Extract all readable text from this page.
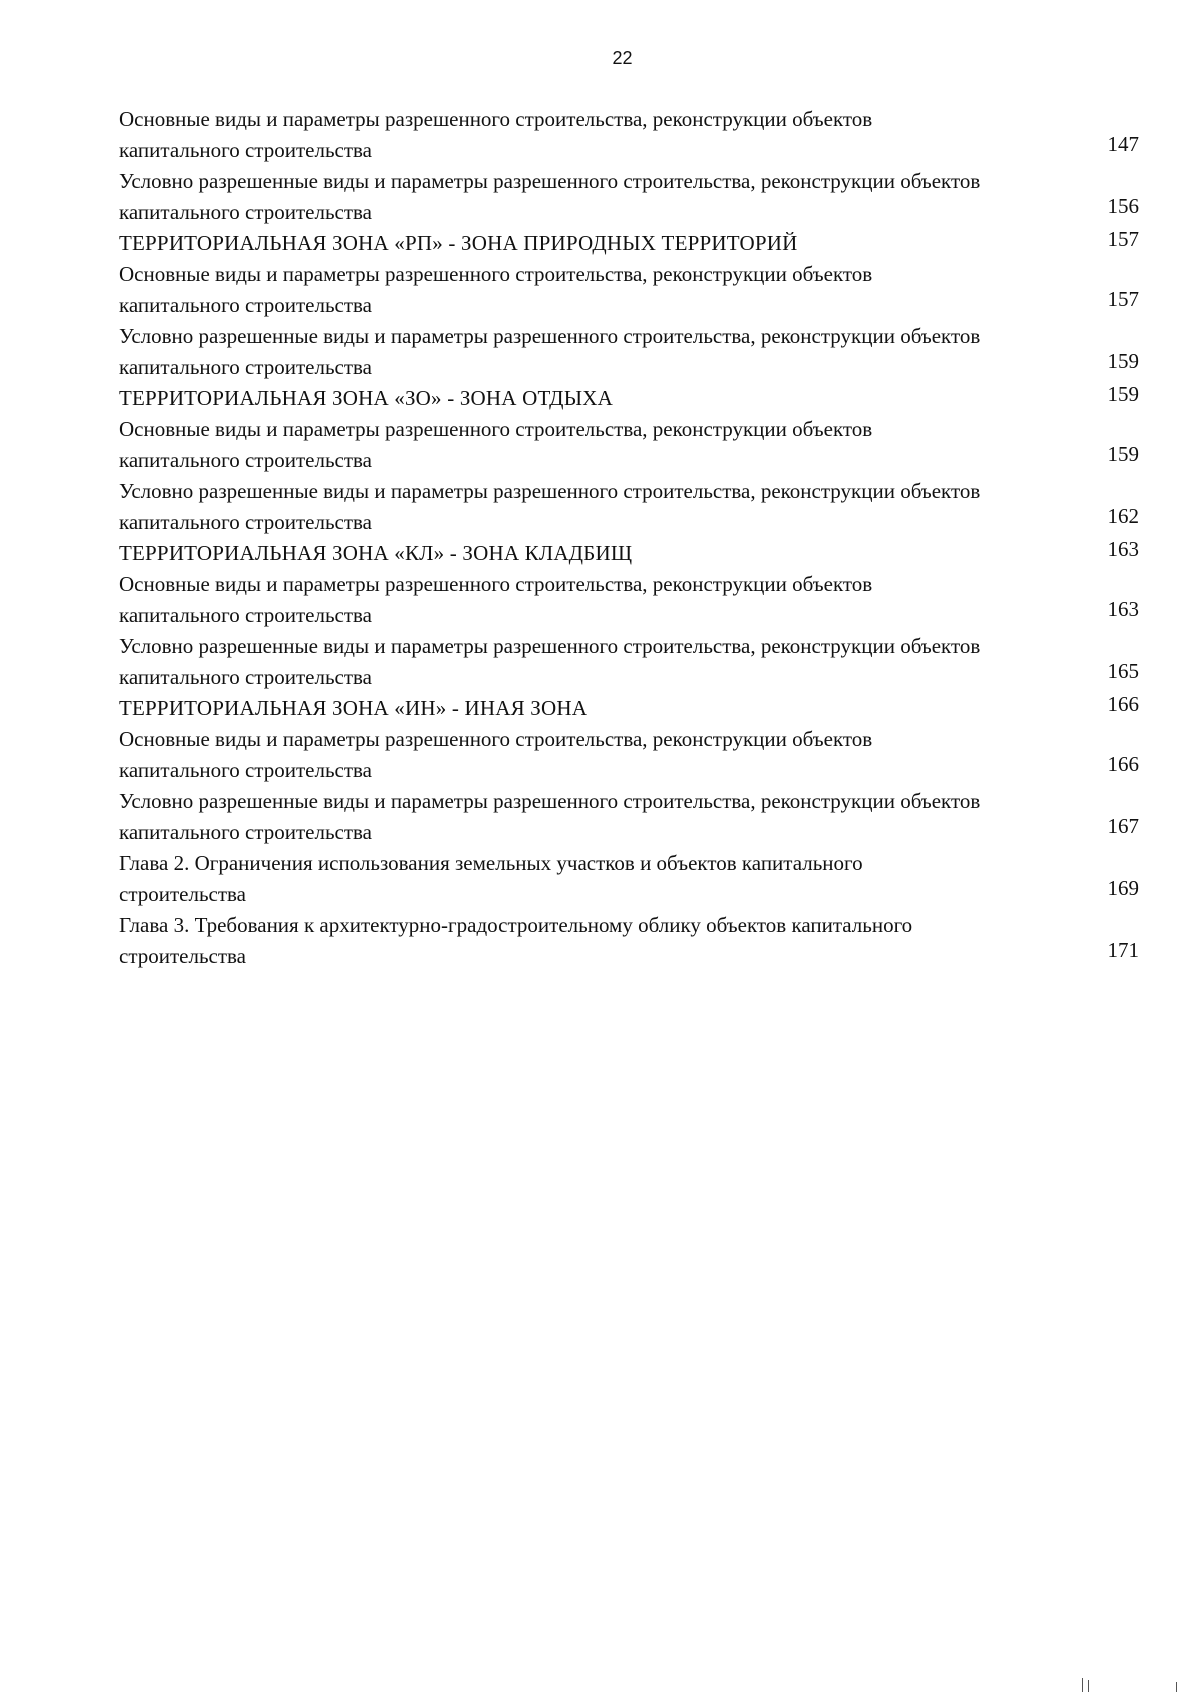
22
Основные виды и параметры разрешенного строительства, реконструкции объектов
капитального строительства	147
Условно разрешенные виды и параметры разрешенного строительства, реконструкции объектов
капитального строительства	156
ТЕРРИТОРИАЛЬНАЯ ЗОНА «РП» - ЗОНА ПРИРОДНЫХ ТЕРРИТОРИЙ	157
Основные виды и параметры разрешенного строительства, реконструкции объектов
капитального строительства	157
Условно разрешенные виды и параметры разрешенного строительства, реконструкции объектов
капитального строительства	159
ТЕРРИТОРИАЛЬНАЯ ЗОНА «ЗО» - ЗОНА ОТДЫХА	159
Основные виды и параметры разрешенного строительства, реконструкции объектов
капитального строительства	159
Условно разрешенные виды и параметры разрешенного строительства, реконструкции объектов
капитального строительства	162
ТЕРРИТОРИАЛЬНАЯ ЗОНА «КЛ» - ЗОНА КЛАДБИЩ	163
Основные виды и параметры разрешенного строительства, реконструкции объектов
капитального строительства	163
Условно разрешенные виды и параметры разрешенного строительства, реконструкции объектов
капитального строительства	165
ТЕРРИТОРИАЛЬНАЯ ЗОНА «ИН» - ИНАЯ ЗОНА	166
Основные виды и параметры разрешенного строительства, реконструкции объектов
капитального строительства	166
Условно разрешенные виды и параметры разрешенного строительства, реконструкции объектов
капитального строительства	167
Глава 2. Ограничения использования земельных участков и объектов капитального
строительства	169
Глава 3. Требования к архитектурно-градостроительному облику объектов капитального
строительства	171
